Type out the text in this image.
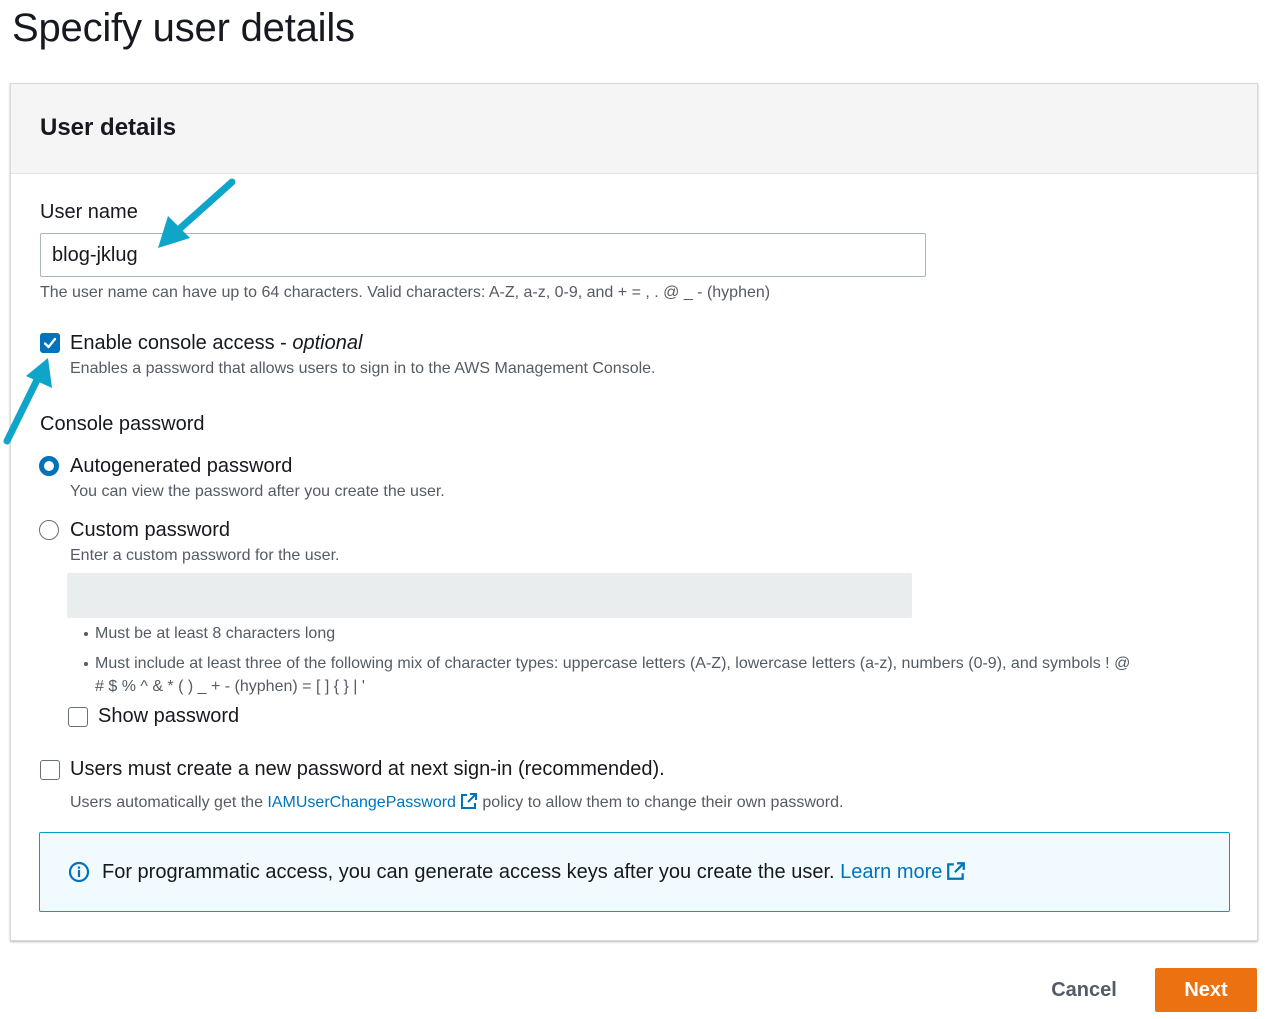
Specify user details
User details
User name
blog-jklug
The user name can have up to 64 characters. Valid characters: A-Z, a-z, 0-9, and + = , . @ _ - (hyphen)
Enable console access - optional
Enables a password that allows users to sign in to the AWS Management Console.
Console password
Autogenerated password
You can view the password after you create the user.
Custom password
Enter a custom password for the user.
Must be at least 8 characters long
Must include at least three of the following mix of character types: uppercase letters (A-Z), lowercase letters (a-z), numbers (0-9), and symbols ! @
# $ % ^ & * ( ) _ + - (hyphen) = [ ] { } | '
Show password
Users must create a new password at next sign-in (recommended).
Users automatically get the IAMUserChangePassword policy to allow them to change their own password.
For programmatic access, you can generate access keys after you create the user. Learn more
Cancel	Next
